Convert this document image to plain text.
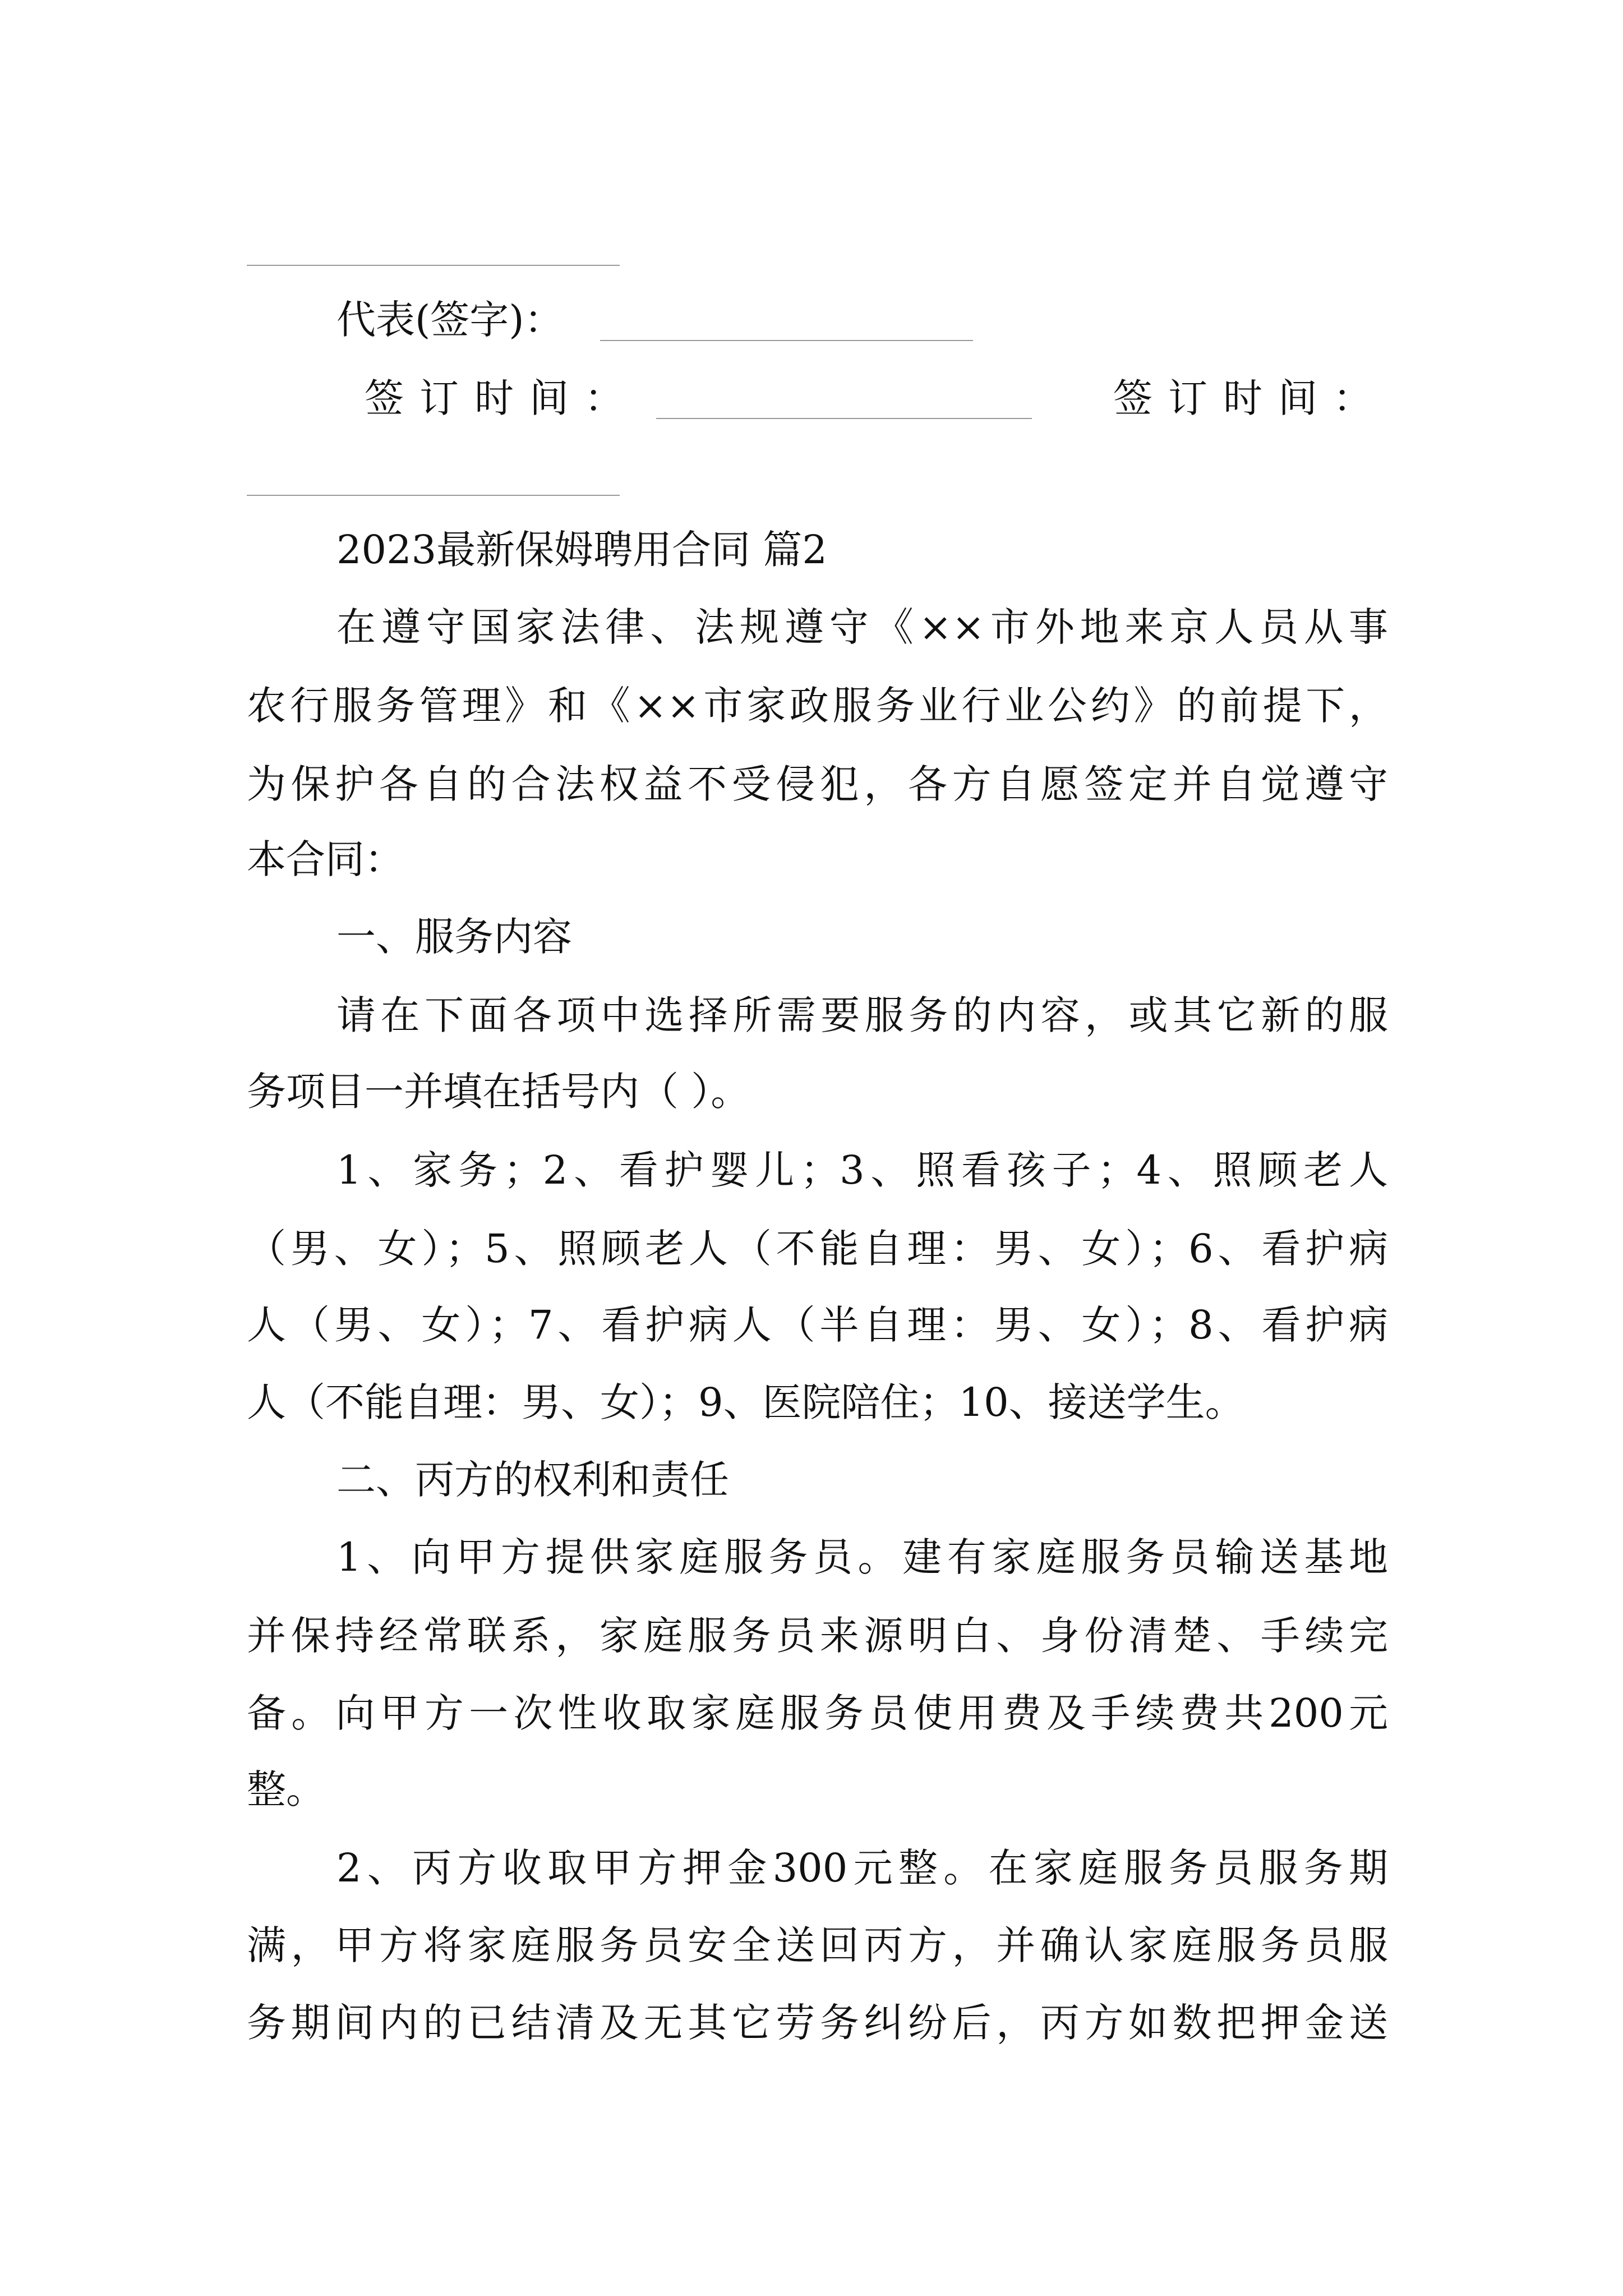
代表(签字)：
签订时间：	签订时间：
2023最新保姆聘用合同 篇2
在遵守国家法律、法规遵守《××市外地来京人员从事
农行服务管理》和《××市家政服务业行业公约》的前提下，
为保护各自的合法权益不受侵犯，各方自愿签定并自觉遵守
本合同：
一、服务内容
请在下面各项中选择所需要服务的内容，或其它新的服
务项目一并填在括号内（ ）。
1、家务；2、看护婴儿；3、照看孩子；4、照顾老人
（男、女）；5、照顾老人（不能自理：男、女）；6、看护病
人（男、女）；7、看护病人（半自理：男、女）；8、看护病
人（不能自理：男、女）；9、医院陪住；10、接送学生。
二、丙方的权利和责任
1、向甲方提供家庭服务员。建有家庭服务员输送基地
并保持经常联系，家庭服务员来源明白、身份清楚、手续完
备。向甲方一次性收取家庭服务员使用费及手续费共200元
整。
2、丙方收取甲方押金300元整。在家庭服务员服务期
满，甲方将家庭服务员安全送回丙方，并确认家庭服务员服
务期间内的已结清及无其它劳务纠纷后，丙方如数把押金送
